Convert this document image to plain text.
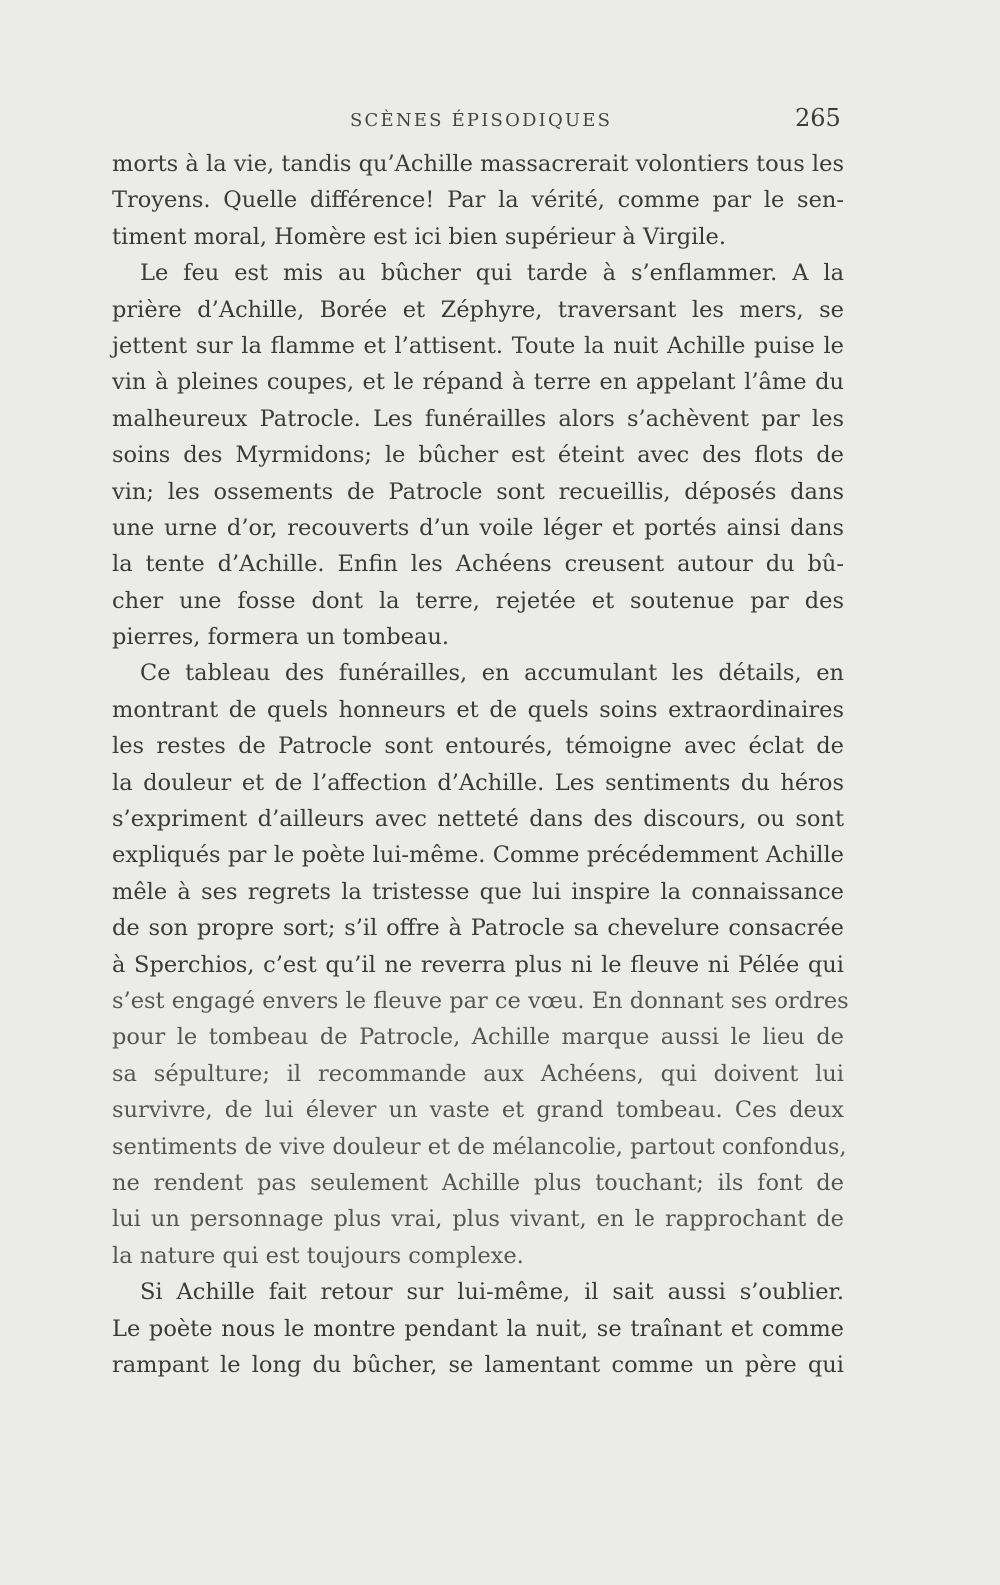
SCÈNES ÉPISODIQUES	265
morts à la vie, tandis qu’Achille massacrerait volontiers tous les
Troyens. Quelle différence! Par la vérité, comme par le sen-
timent moral, Homère est ici bien supérieur à Virgile.
Le feu est mis au bûcher qui tarde à s’enflammer. A la
prière d’Achille, Borée et Zéphyre, traversant les mers, se
jettent sur la flamme et l’attisent. Toute la nuit Achille puise le
vin à pleines coupes, et le répand à terre en appelant l’âme du
malheureux Patrocle. Les funérailles alors s’achèvent par les
soins des Myrmidons; le bûcher est éteint avec des flots de
vin; les ossements de Patrocle sont recueillis, déposés dans
une urne d’or, recouverts d’un voile léger et portés ainsi dans
la tente d’Achille. Enfin les Achéens creusent autour du bû-
cher une fosse dont la terre, rejetée et soutenue par des
pierres, formera un tombeau.
Ce tableau des funérailles, en accumulant les détails, en
montrant de quels honneurs et de quels soins extraordinaires
les restes de Patrocle sont entourés, témoigne avec éclat de
la douleur et de l’affection d’Achille. Les sentiments du héros
s’expriment d’ailleurs avec netteté dans des discours, ou sont
expliqués par le poète lui-même. Comme précédemment Achille
mêle à ses regrets la tristesse que lui inspire la connaissance
de son propre sort; s’il offre à Patrocle sa chevelure consacrée
à Sperchios, c’est qu’il ne reverra plus ni le fleuve ni Pélée qui
s’est engagé envers le fleuve par ce vœu. En donnant ses ordres
pour le tombeau de Patrocle, Achille marque aussi le lieu de
sa sépulture; il recommande aux Achéens, qui doivent lui
survivre, de lui élever un vaste et grand tombeau. Ces deux
sentiments de vive douleur et de mélancolie, partout confondus,
ne rendent pas seulement Achille plus touchant; ils font de
lui un personnage plus vrai, plus vivant, en le rapprochant de
la nature qui est toujours complexe.
Si Achille fait retour sur lui-même, il sait aussi s’oublier.
Le poète nous le montre pendant la nuit, se traînant et comme
rampant le long du bûcher, se lamentant comme un père qui
